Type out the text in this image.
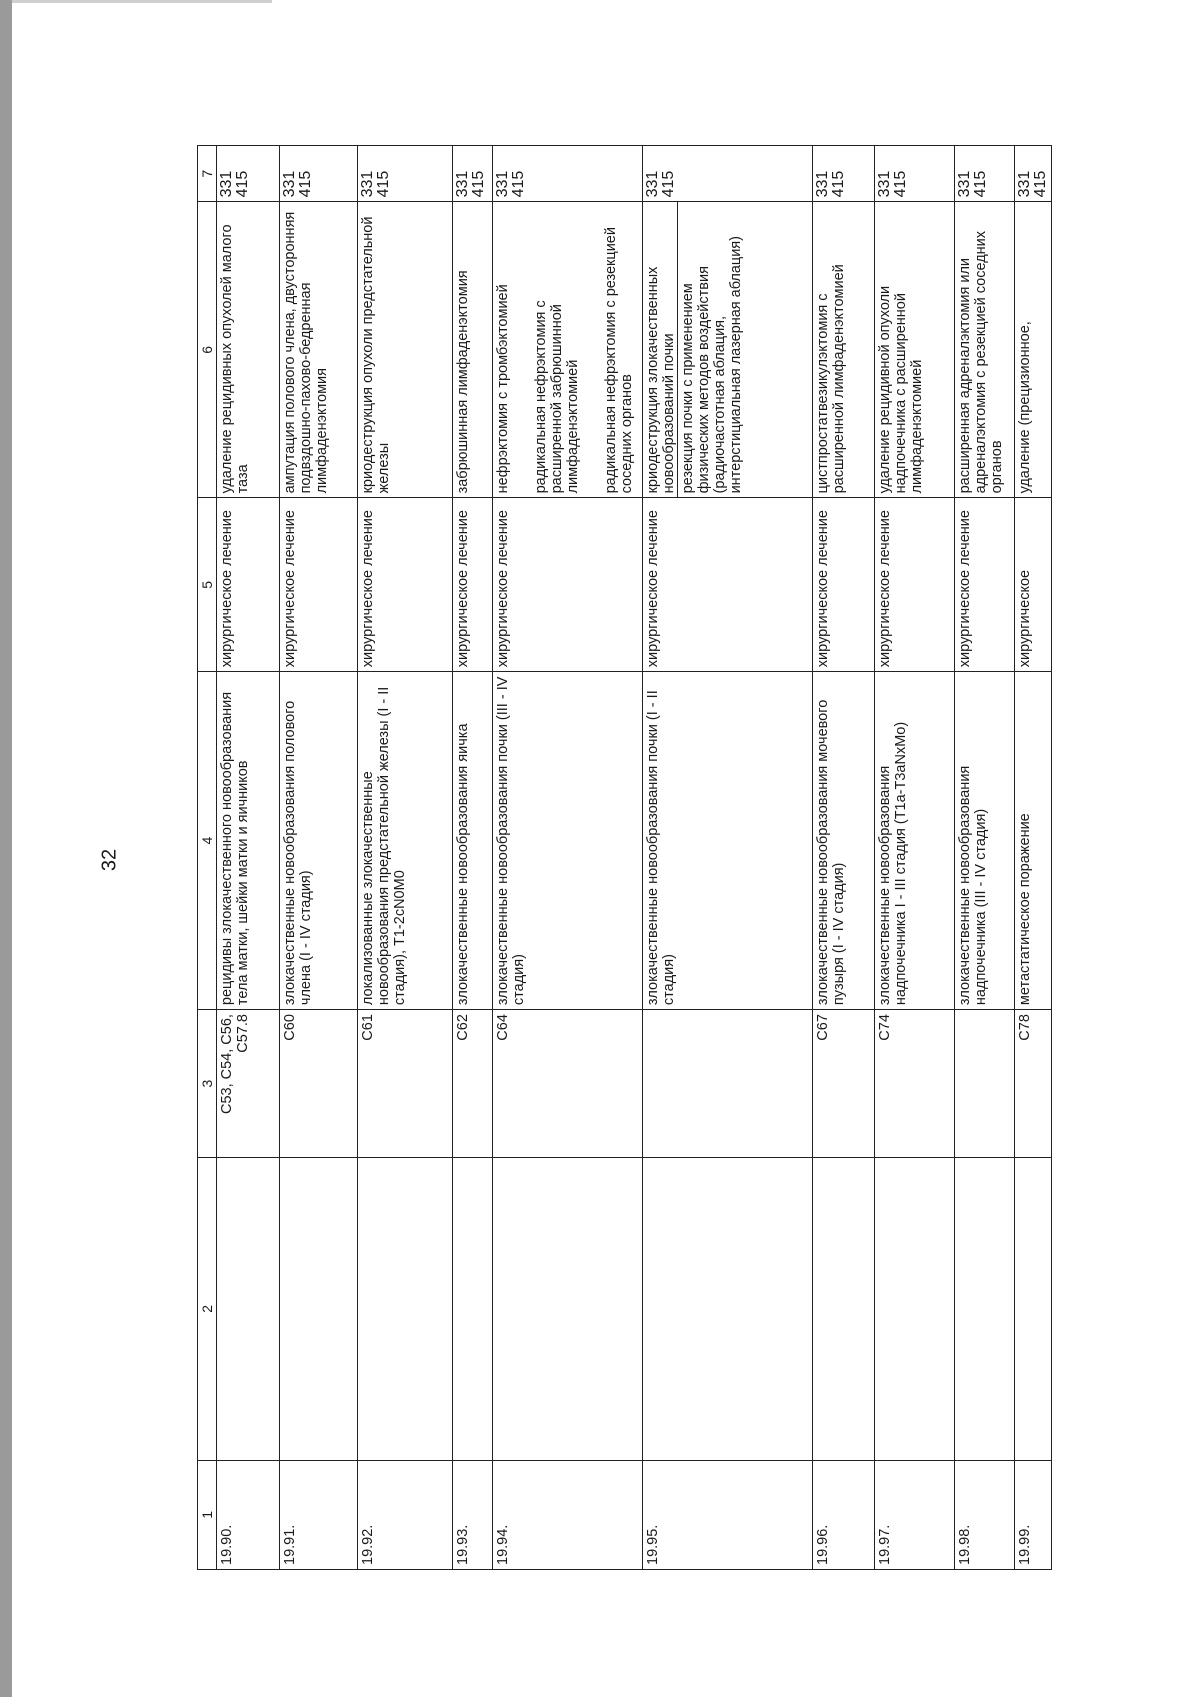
32
1	2	3	4	5	6	7
19.90.		C53, C54, C56, C57.8	рецидивы злокачественного новообразования тела матки, шейки матки и яичников	хирургическое лечение	удаление рецидивных опухолей малого таза	331 415
19.91.		C60	злокачественные новообразования полового члена (I - IV стадия)	хирургическое лечение	ампутация полового члена, двусторонняя подвздошно-пахово-бедренная лимфаденэктомия	331 415
19.92.		C61	локализованные злокачественные новообразования предстательной железы (I - II стадия), T1-2cN0M0	хирургическое лечение	криодеструкция опухоли предстательной железы	331 415
19.93.		C62	злокачественные новообразования яичка	хирургическое лечение	забрюшинная лимфаденэктомия	331 415
19.94.		C64	злокачественные новообразования почки (III - IV стадия)	хирургическое лечение	нефрэктомия с тромбэктомией радикальная нефрэктомия с расширенной забрюшинной лимфаденэктомией радикальная нефрэктомия с резекцией соседних органов	331 415
19.95.			злокачественные новообразования почки (I - II стадия)	хирургическое лечение	криодеструкция злокачественных новообразований почки резекция почки с применением физических методов воздействия (радиочастотная аблация, интерстициальная лазерная аблация)	331 415
19.96.		C67	злокачественные новообразования мочевого пузыря (I - IV стадия)	хирургическое лечение	цистпростатвезикулэктомия с расширенной лимфаденэктомией	331 415
19.97.		C74	злокачественные новообразования надпочечника I - III стадия (T1a-T3aNxMo)	хирургическое лечение	удаление рецидивной опухоли надпочечника с расширенной лимфаденэктомией	331 415
19.98.			злокачественные новообразования надпочечника (III - IV стадия)	хирургическое лечение	расширенная адреналэктомия или адреналэктомия с резекцией соседних органов	331 415
19.99.		C78	метастатическое поражение	хирургическое	удаление (прецизионное,	331 415
